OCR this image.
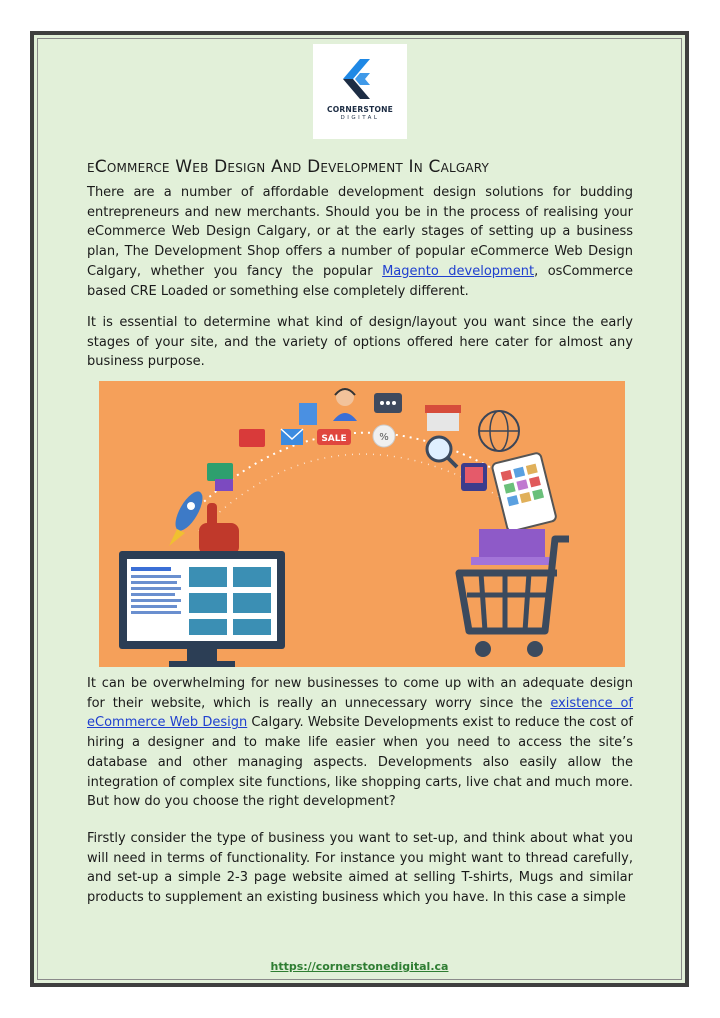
CORNERSTONE
DIGITAL
eCommerce Web Design And Development In Calgary

There are a number of affordable development design solutions for budding entrepreneurs and new merchants. Should you be in the process of realising your eCommerce Web Design Calgary, or at the early stages of setting up a business plan, The Development Shop offers a number of popular eCommerce Web Design Calgary, whether you fancy the popular Magento development, osCommerce based CRE Loaded or something else completely different.

It is essential to determine what kind of design/layout you want since the early stages of your site, and the variety of options offered here cater for almost any business purpose.

SALE	%

It can be overwhelming for new businesses to come up with an adequate design for their website, which is really an unnecessary worry since the existence of eCommerce Web Design Calgary. Website Developments exist to reduce the cost of hiring a designer and to make life easier when you need to access the site’s database and other managing aspects. Developments also easily allow the integration of complex site functions, like shopping carts, live chat and much more. But how do you choose the right development?

Firstly consider the type of business you want to set-up, and think about what you will need in terms of functionality. For instance you might want to thread carefully, and set-up a simple 2-3 page website aimed at selling T-shirts, Mugs and similar products to supplement an existing business which you have. In this case a simple

https://cornerstonedigital.ca
